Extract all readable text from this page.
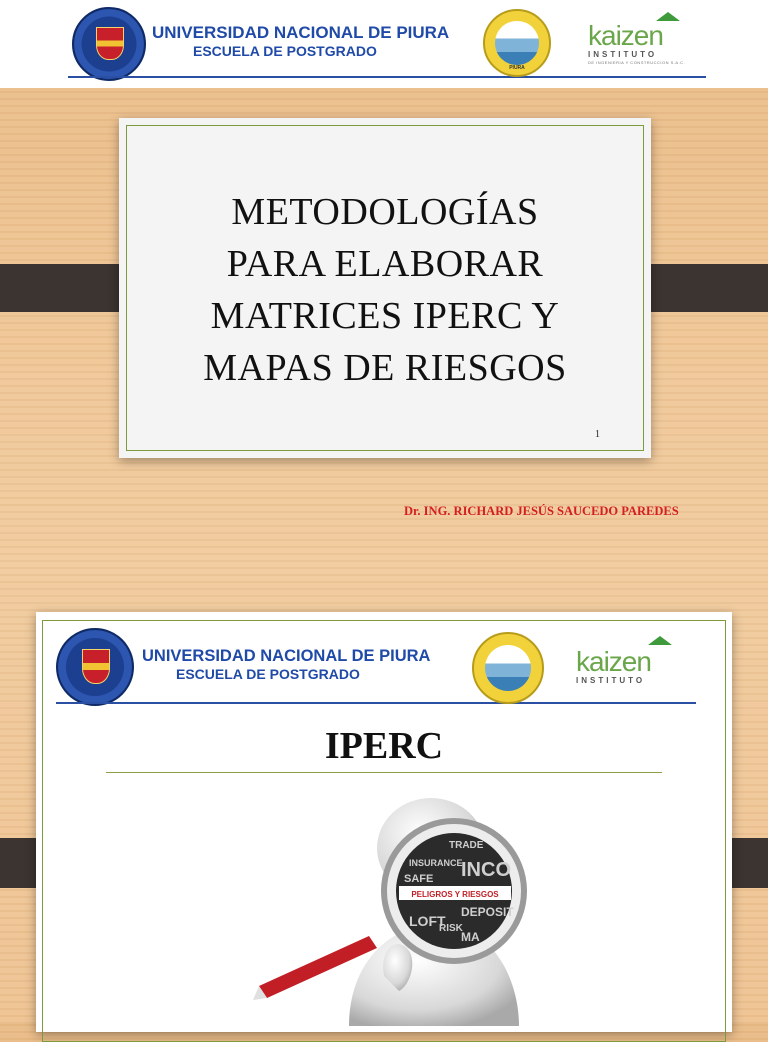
UNIVERSIDAD NACIONAL DE PIURA
ESCUELA DE POSTGRADO
PIURA
kaizen
INSTITUTO
DE INGENIERIA Y CONSTRUCCION S.A.C.
METODOLOGÍAS
PARA ELABORAR
MATRICES IPERC Y
MAPAS DE RIESGOS
1
Dr. ING. RICHARD JESÚS SAUCEDO PAREDES
UNIVERSIDAD NACIONAL DE PIURA
ESCUELA DE POSTGRADO	kaizen
INSTITUTO
IPERC
INSURANCE
TRADE
SAFE INCO
DEPOSIT
LOFT
RISK
MA
PELIGROS Y RIESGOS
